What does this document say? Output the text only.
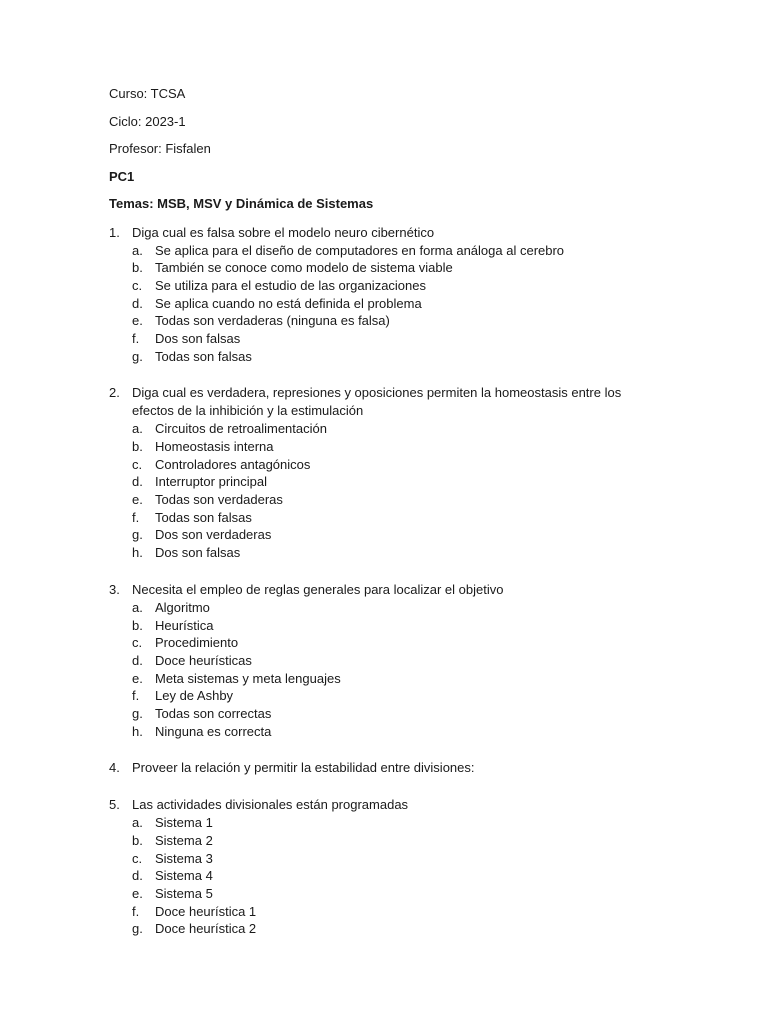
Curso: TCSA
Ciclo: 2023-1
Profesor: Fisfalen
PC1
Temas: MSB, MSV y Dinámica de Sistemas
1. Diga cual es falsa sobre el modelo neuro cibernético
a. Se aplica para el diseño de computadores en forma análoga al cerebro
b. También se conoce como modelo de sistema viable
c. Se utiliza para el estudio de las organizaciones
d. Se aplica cuando no está definida el problema
e. Todas son verdaderas (ninguna es falsa)
f. Dos son falsas
g. Todas son falsas
2. Diga cual es verdadera, represiones y oposiciones permiten la homeostasis entre los efectos de la inhibición y la estimulación
a. Circuitos de retroalimentación
b. Homeostasis interna
c. Controladores antagónicos
d. Interruptor principal
e. Todas son verdaderas
f. Todas son falsas
g. Dos son verdaderas
h. Dos son falsas
3. Necesita el empleo de reglas generales para localizar el objetivo
a. Algoritmo
b. Heurística
c. Procedimiento
d. Doce heurísticas
e. Meta sistemas y meta lenguajes
f. Ley de Ashby
g. Todas son correctas
h. Ninguna es correcta
4. Proveer la relación y permitir la estabilidad entre divisiones:
5. Las actividades divisionales están programadas
a. Sistema 1
b. Sistema 2
c. Sistema 3
d. Sistema 4
e. Sistema 5
f. Doce heurística 1
g. Doce heurística 2
